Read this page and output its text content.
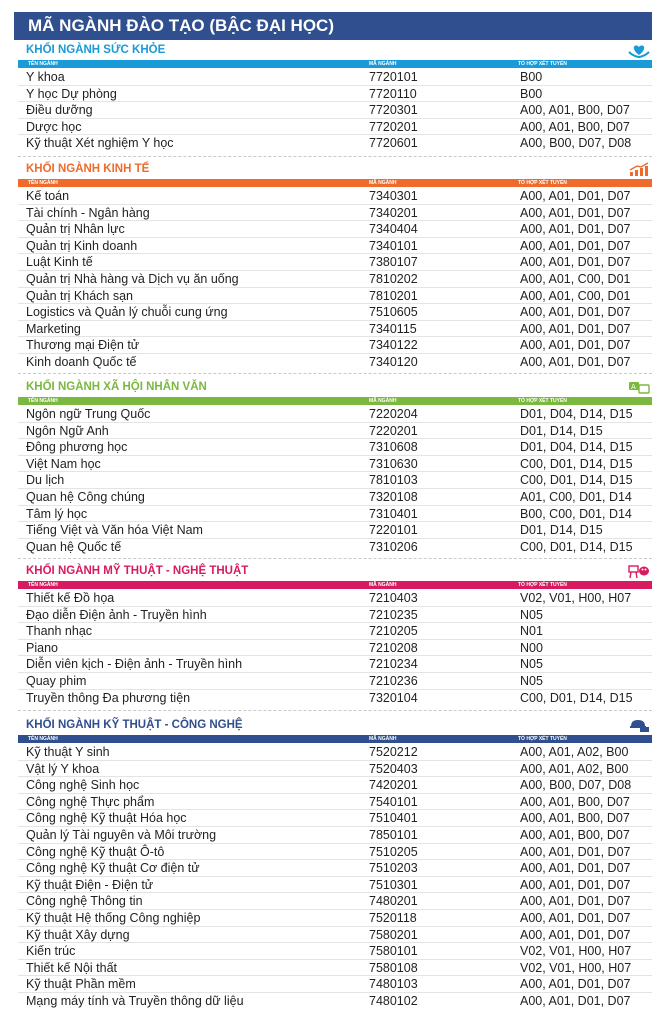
MÃ NGÀNH ĐÀO TẠO (BẬC ĐẠI HỌC)
KHỐI NGÀNH SỨC KHỎE
TÊN NGÀNH	MÃ NGÀNH	TỔ HỢP XÉT TUYỂN
Y khoa	7720101	B00
Y học Dự phòng	7720110	B00
Điều dưỡng	7720301	A00, A01, B00, D07
Dược học	7720201	A00, A01, B00, D07
Kỹ thuật Xét nghiệm Y học	7720601	A00, B00, D07, D08
KHỐI NGÀNH KINH TẾ
TÊN NGÀNH	MÃ NGÀNH	TỔ HỢP XÉT TUYỂN
Kế toán	7340301	A00, A01, D01, D07
Tài chính - Ngân hàng	7340201	A00, A01, D01, D07
Quản trị Nhân lực	7340404	A00, A01, D01, D07
Quản trị Kinh doanh	7340101	A00, A01, D01, D07
Luật Kinh tế	7380107	A00, A01, D01, D07
Quản trị Nhà hàng và Dịch vụ ăn uống	7810202	A00, A01, C00, D01
Quản trị Khách sạn	7810201	A00, A01, C00, D01
Logistics và Quản lý chuỗi cung ứng	7510605	A00, A01, D01, D07
Marketing	7340115	A00, A01, D01, D07
Thương mại Điện tử	7340122	A00, A01, D01, D07
Kinh doanh Quốc tế	7340120	A00, A01, D01, D07
KHỐI NGÀNH XÃ HỘI NHÂN VĂN	A
TÊN NGÀNH	MÃ NGÀNH	TỔ HỢP XÉT TUYỂN
Ngôn ngữ Trung Quốc	7220204	D01, D04, D14, D15
Ngôn Ngữ Anh	7220201	D01, D14, D15
Đông phương học	7310608	D01, D04, D14, D15
Việt Nam học	7310630	C00, D01, D14, D15
Du lịch	7810103	C00, D01, D14, D15
Quan hệ Công chúng	7320108	A01, C00, D01, D14
Tâm lý học	7310401	B00, C00, D01, D14
Tiếng Việt và Văn hóa Việt Nam	7220101	D01, D14, D15
Quan hệ Quốc tế	7310206	C00, D01, D14, D15
KHỐI NGÀNH MỸ THUẬT - NGHỆ THUẬT
TÊN NGÀNH	MÃ NGÀNH	TỔ HỢP XÉT TUYỂN
Thiết kế Đồ họa	7210403	V02, V01, H00, H07
Đạo diễn Điện ảnh - Truyền hình	7210235	N05
Thanh nhạc	7210205	N01
Piano	7210208	N00
Diễn viên kịch - Điện ảnh - Truyền hình	7210234	N05
Quay phim	7210236	N05
Truyền thông Đa phương tiện	7320104	C00, D01, D14, D15
KHỐI NGÀNH KỸ THUẬT - CÔNG NGHỆ
TÊN NGÀNH	MÃ NGÀNH	TỔ HỢP XÉT TUYỂN
Kỹ thuật Y sinh	7520212	A00, A01, A02, B00
Vật lý Y khoa	7520403	A00, A01, A02, B00
Công nghệ Sinh học	7420201	A00, B00, D07, D08
Công nghệ Thực phẩm	7540101	A00, A01, B00, D07
Công nghệ Kỹ thuật Hóa học	7510401	A00, A01, B00, D07
Quản lý Tài nguyên và Môi trường	7850101	A00, A01, B00, D07
Công nghệ Kỹ thuật Ô-tô	7510205	A00, A01, D01, D07
Công nghệ Kỹ thuật Cơ điện tử	7510203	A00, A01, D01, D07
Kỹ thuật Điện - Điện tử	7510301	A00, A01, D01, D07
Công nghệ Thông tin	7480201	A00, A01, D01, D07
Kỹ thuật Hệ thống Công nghiệp	7520118	A00, A01, D01, D07
Kỹ thuật Xây dựng	7580201	A00, A01, D01, D07
Kiến trúc	7580101	V02, V01, H00, H07
Thiết kế Nội thất	7580108	V02, V01, H00, H07
Kỹ thuật Phần mềm	7480103	A00, A01, D01, D07
Mạng máy tính và Truyền thông dữ liệu	7480102	A00, A01, D01, D07
